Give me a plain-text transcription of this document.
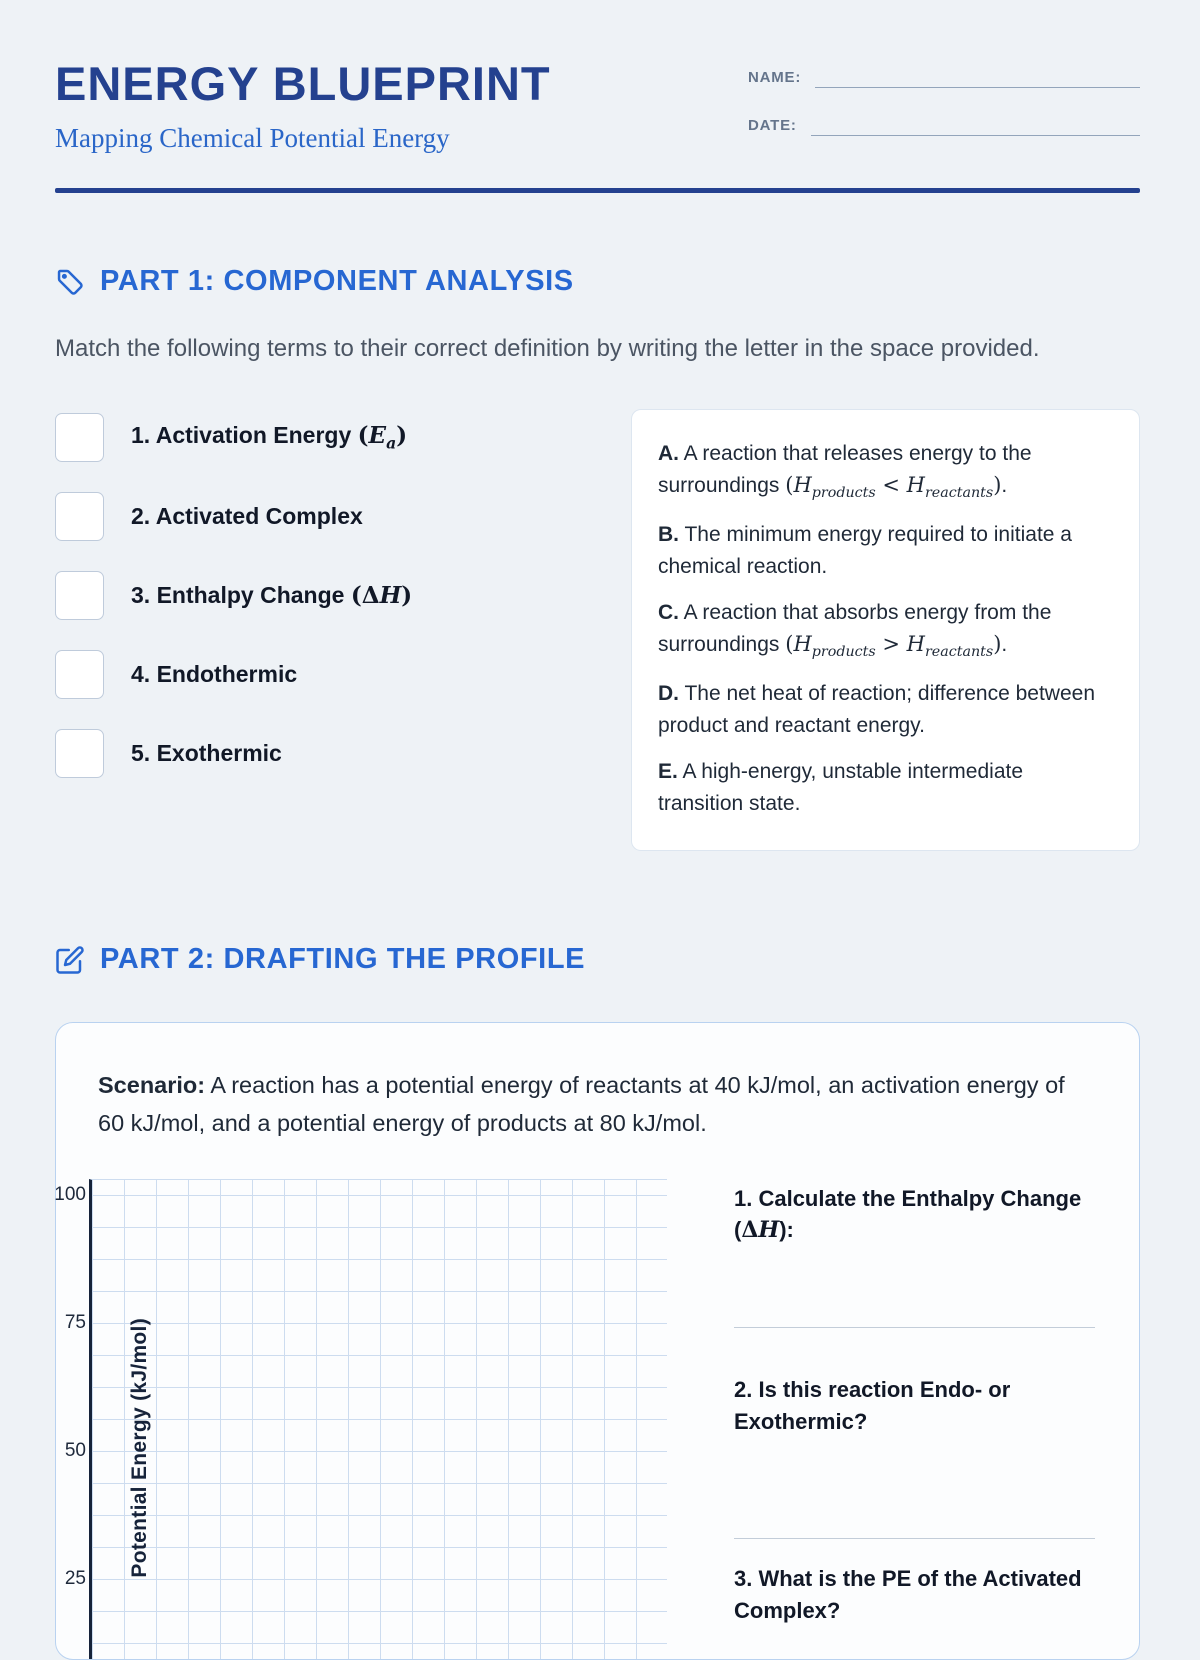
ENERGY BLUEPRINT
Mapping Chemical Potential Energy
NAME:
DATE:
PART 1: COMPONENT ANALYSIS

Match the following terms to their correct definition by writing the letter in the space provided.

1. Activation Energy $(E_a)$
2. Activated Complex
3. Enthalpy Change (ΔH)
4. Endothermic
5. Exothermic

A. A reaction that releases energy to the surroundings $(H_{products} < H_{reactants})$.

B. The minimum energy required to initiate a chemical reaction.

C. A reaction that absorbs energy from the surroundings $(H_{products} > H_{reactants})$.

D. The net heat of reaction; difference between product and reactant energy.

E. A high-energy, unstable intermediate transition state.

PART 2: DRAFTING THE PROFILE

Scenario: A reaction has a potential energy of reactants at 40 kJ/mol, an activation energy of 60 kJ/mol, and a potential energy of products at 80 kJ/mol.

100
75
50
25
Potential Energy (kJ/mol)

1. Calculate the Enthalpy Change (ΔH):

2. Is this reaction Endo- or Exothermic?

3. What is the PE of the Activated Complex?
